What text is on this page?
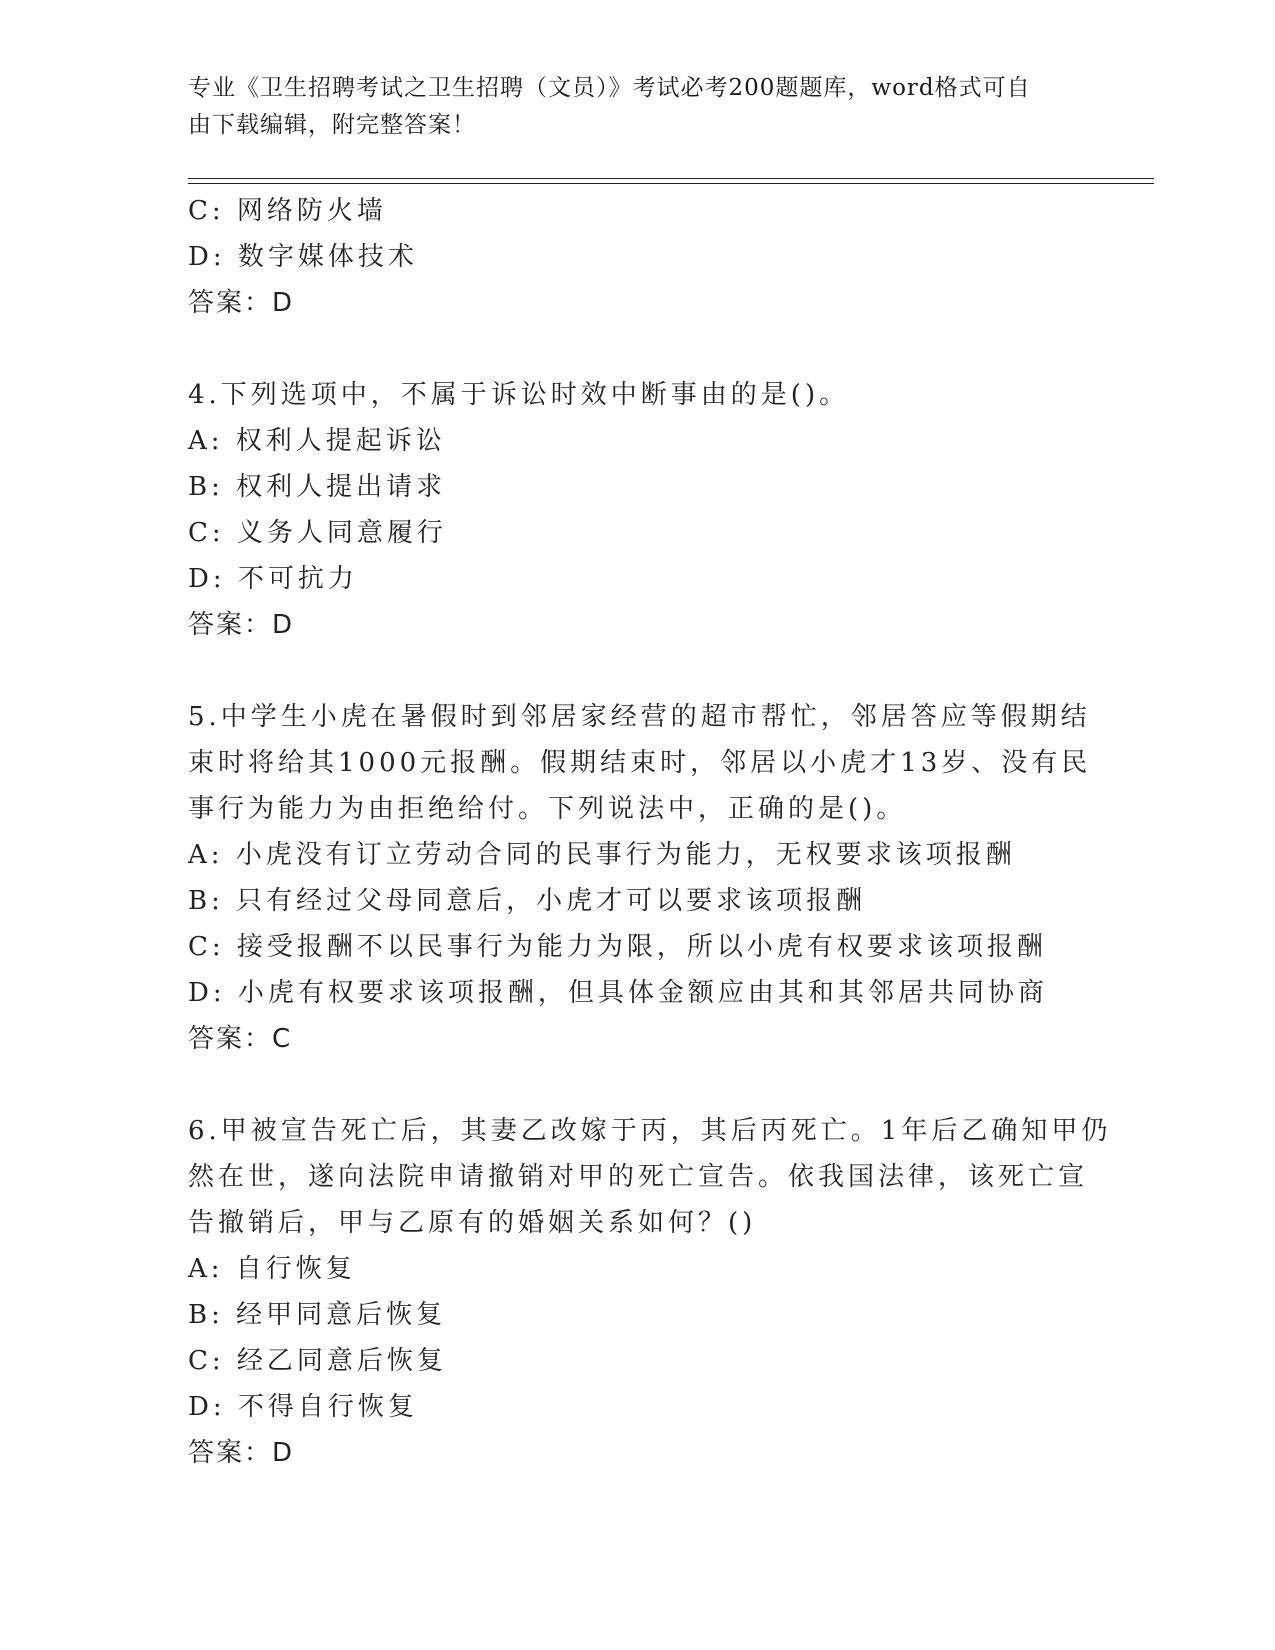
专业《卫生招聘考试之卫生招聘（文员）》考试必考200题题库，word格式可自
由下载编辑，附完整答案！
C: 网络防火墙
D: 数字媒体技术
答案：D
4.下列选项中，不属于诉讼时效中断事由的是()。
A: 权利人提起诉讼
B: 权利人提出请求
C: 义务人同意履行
D: 不可抗力
答案：D
5.中学生小虎在暑假时到邻居家经营的超市帮忙，邻居答应等假期结
束时将给其1000元报酬。假期结束时，邻居以小虎才13岁、没有民
事行为能力为由拒绝给付。下列说法中，正确的是()。
A: 小虎没有订立劳动合同的民事行为能力，无权要求该项报酬
B: 只有经过父母同意后，小虎才可以要求该项报酬
C: 接受报酬不以民事行为能力为限，所以小虎有权要求该项报酬
D: 小虎有权要求该项报酬，但具体金额应由其和其邻居共同协商
答案：C
6.甲被宣告死亡后，其妻乙改嫁于丙，其后丙死亡。1年后乙确知甲仍
然在世，遂向法院申请撤销对甲的死亡宣告。依我国法律，该死亡宣
告撤销后，甲与乙原有的婚姻关系如何？()
A: 自行恢复
B: 经甲同意后恢复
C: 经乙同意后恢复
D: 不得自行恢复
答案：D
